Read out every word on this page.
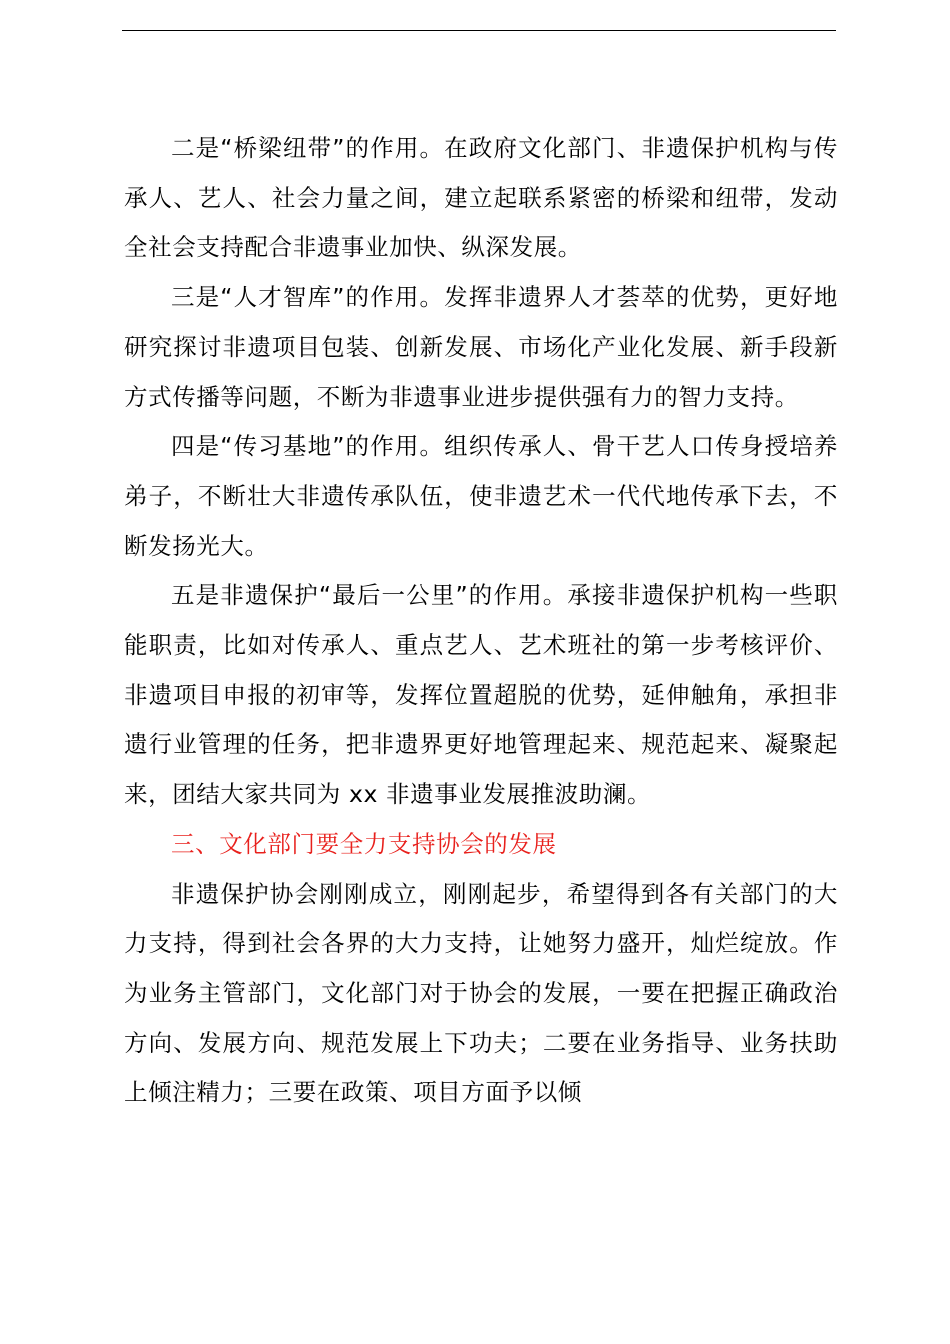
二是“桥梁纽带”的作用。在政府文化部门、非遗保护机构与传承人、艺人、社会力量之间，建立起联系紧密的桥梁和纽带，发动全社会支持配合非遗事业加快、纵深发展。

三是“人才智库”的作用。发挥非遗界人才荟萃的优势，更好地研究探讨非遗项目包装、创新发展、市场化产业化发展、新手段新方式传播等问题，不断为非遗事业进步提供强有力的智力支持。

四是“传习基地”的作用。组织传承人、骨干艺人口传身授培养弟子，不断壮大非遗传承队伍，使非遗艺术一代代地传承下去，不断发扬光大。

五是非遗保护“最后一公里”的作用。承接非遗保护机构一些职能职责，比如对传承人、重点艺人、艺术班社的第一步考核评价、非遗项目申报的初审等，发挥位置超脱的优势，延伸触角，承担非遗行业管理的任务，把非遗界更好地管理起来、规范起来、凝聚起来，团结大家共同为 xx 非遗事业发展推波助澜。

三、文化部门要全力支持协会的发展

非遗保护协会刚刚成立，刚刚起步，希望得到各有关部门的大力支持，得到社会各界的大力支持，让她努力盛开，灿烂绽放。作为业务主管部门，文化部门对于协会的发展，一要在把握正确政治方向、发展方向、规范发展上下功夫；二要在业务指导、业务扶助上倾注精力；三要在政策、项目方面予以倾
